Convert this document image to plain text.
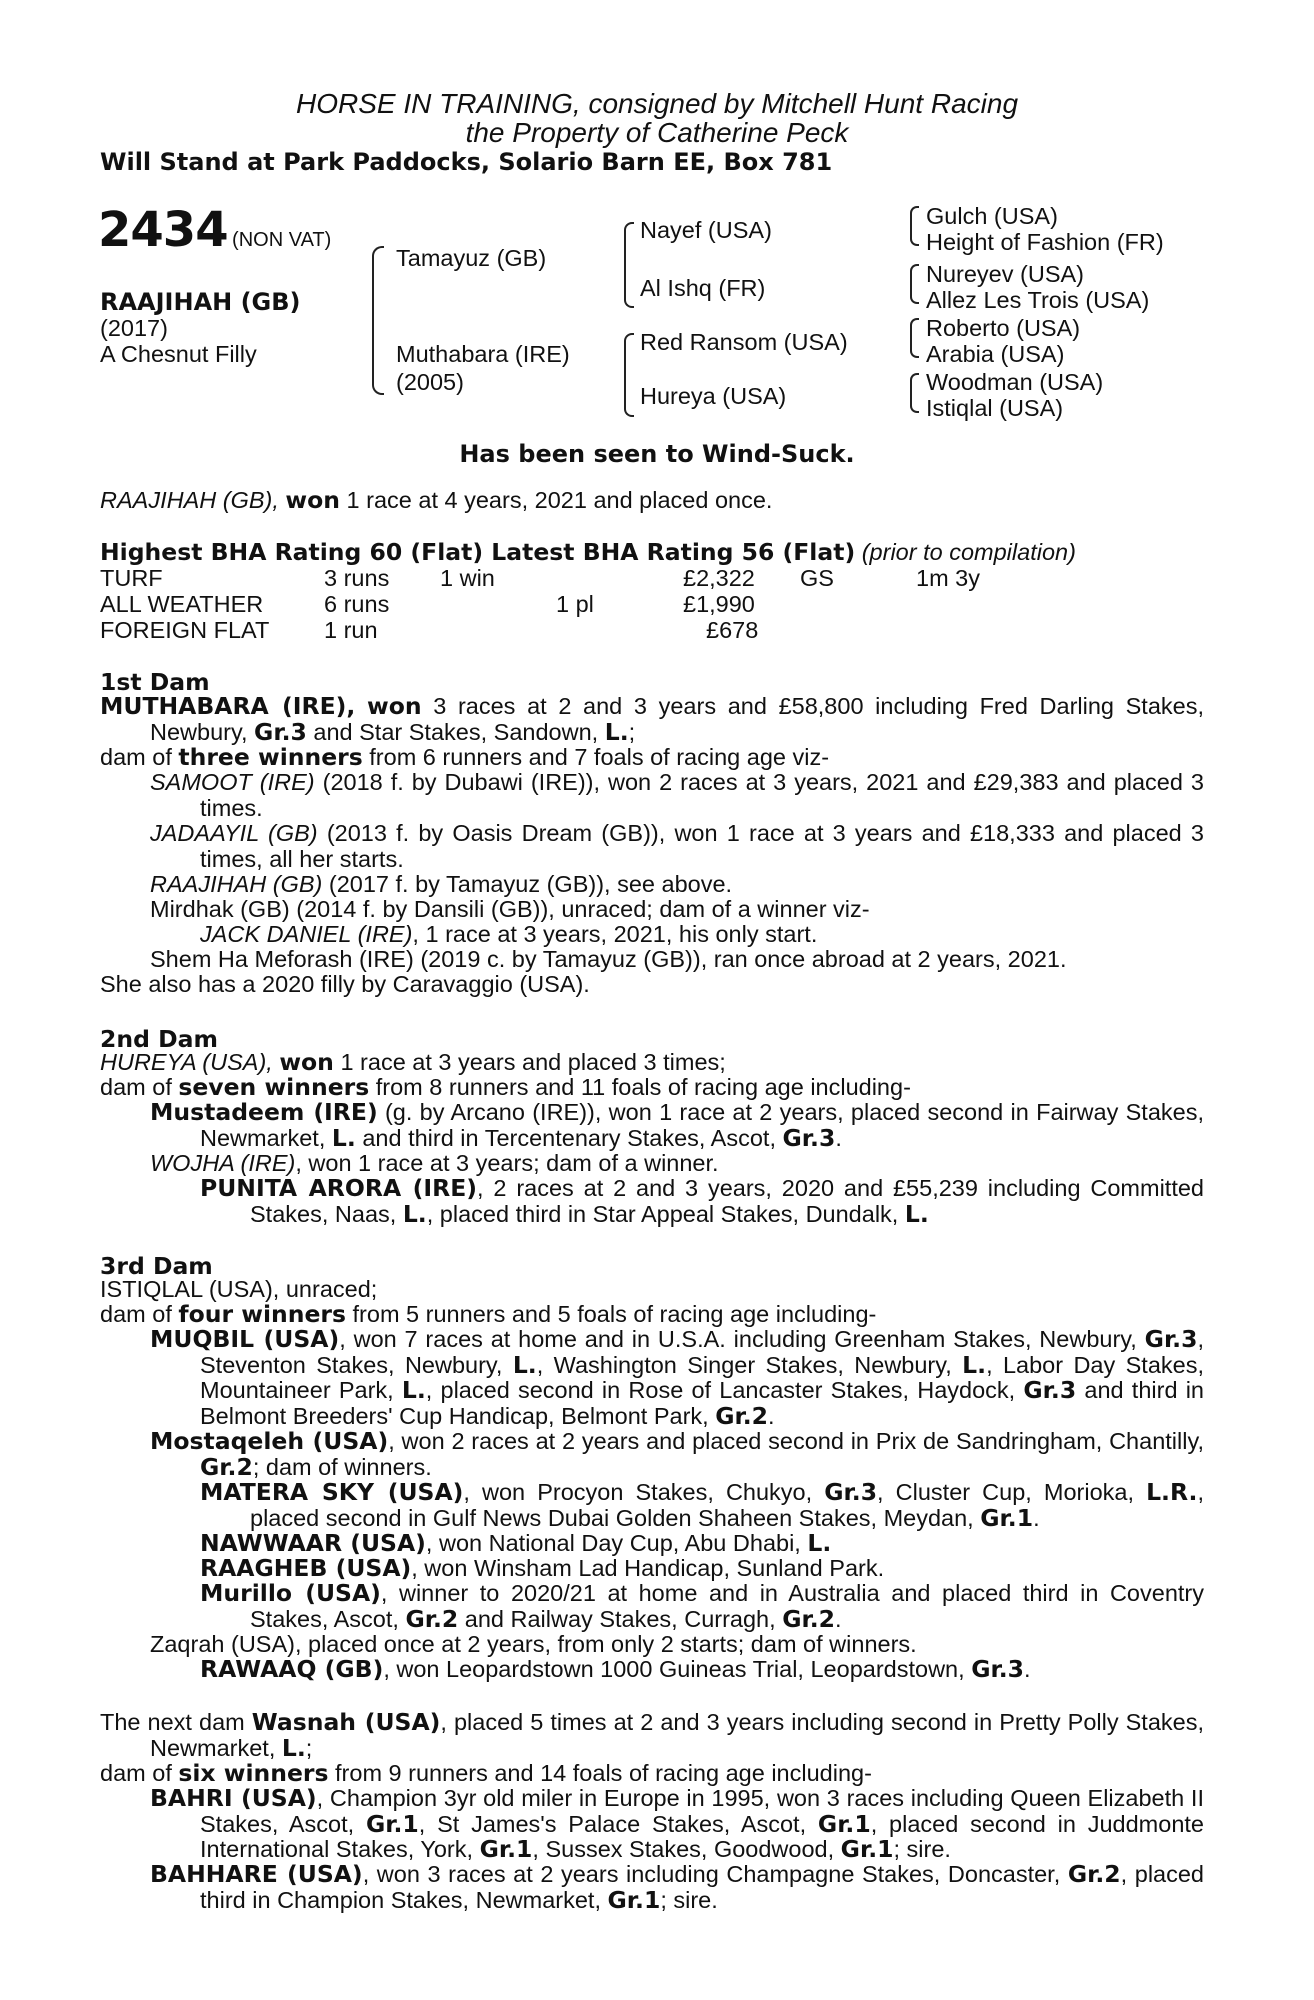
HORSE IN TRAINING, consigned by Mitchell Hunt Racing
the Property of Catherine Peck
Will Stand at Park Paddocks, Solario Barn EE, Box 781
2434 (NON VAT)
RAAJIHAH (GB)
(2017)
A Chesnut Filly
Tamayuz (GB)
Muthabara (IRE)
(2005)
Nayef (USA)
Al Ishq (FR)
Red Ransom (USA)
Hureya (USA)
Gulch (USA)
Height of Fashion (FR)
Nureyev (USA)
Allez Les Trois (USA)
Roberto (USA)
Arabia (USA)
Woodman (USA)
Istiqlal (USA)
Has been seen to Wind-Suck.
RAAJIHAH (GB), won 1 race at 4 years, 2021 and placed once.
Highest BHA Rating 60 (Flat) Latest BHA Rating 56 (Flat) (prior to compilation)
TURF	3 runs 1 win	£2,322 GS	1m 3y
ALL WEATHER	6 runs	1 pl	£1,990
FOREIGN FLAT 1 run	£678
1st Dam
MUTHABARA (IRE), won 3 races at 2 and 3 years and £58,800 including Fred Darling Stakes, Newbury, Gr.3 and Star Stakes, Sandown, L.;
dam of three winners from 6 runners and 7 foals of racing age viz-
SAMOOT (IRE) (2018 f. by Dubawi (IRE)), won 2 races at 3 years, 2021 and £29,383 and placed 3 times.
JADAAYIL (GB) (2013 f. by Oasis Dream (GB)), won 1 race at 3 years and £18,333 and placed 3 times, all her starts.
RAAJIHAH (GB) (2017 f. by Tamayuz (GB)), see above.
Mirdhak (GB) (2014 f. by Dansili (GB)), unraced; dam of a winner viz-
JACK DANIEL (IRE), 1 race at 3 years, 2021, his only start.
Shem Ha Meforash (IRE) (2019 c. by Tamayuz (GB)), ran once abroad at 2 years, 2021.
She also has a 2020 filly by Caravaggio (USA).
2nd Dam
HUREYA (USA), won 1 race at 3 years and placed 3 times;
dam of seven winners from 8 runners and 11 foals of racing age including-
Mustadeem (IRE) (g. by Arcano (IRE)), won 1 race at 2 years, placed second in Fairway Stakes, Newmarket, L. and third in Tercentenary Stakes, Ascot, Gr.3.
WOJHA (IRE), won 1 race at 3 years; dam of a winner.
PUNITA ARORA (IRE), 2 races at 2 and 3 years, 2020 and £55,239 including Committed Stakes, Naas, L., placed third in Star Appeal Stakes, Dundalk, L.
3rd Dam
ISTIQLAL (USA), unraced;
dam of four winners from 5 runners and 5 foals of racing age including-
MUQBIL (USA), won 7 races at home and in U.S.A. including Greenham Stakes, Newbury, Gr.3, Steventon Stakes, Newbury, L., Washington Singer Stakes, Newbury, L., Labor Day Stakes, Mountaineer Park, L., placed second in Rose of Lancaster Stakes, Haydock, Gr.3 and third in Belmont Breeders' Cup Handicap, Belmont Park, Gr.2.
Mostaqeleh (USA), won 2 races at 2 years and placed second in Prix de Sandringham, Chantilly, Gr.2; dam of winners.
MATERA SKY (USA), won Procyon Stakes, Chukyo, Gr.3, Cluster Cup, Morioka, L.R., placed second in Gulf News Dubai Golden Shaheen Stakes, Meydan, Gr.1.
NAWWAAR (USA), won National Day Cup, Abu Dhabi, L.
RAAGHEB (USA), won Winsham Lad Handicap, Sunland Park.
Murillo (USA), winner to 2020/21 at home and in Australia and placed third in Coventry Stakes, Ascot, Gr.2 and Railway Stakes, Curragh, Gr.2.
Zaqrah (USA), placed once at 2 years, from only 2 starts; dam of winners.
RAWAAQ (GB), won Leopardstown 1000 Guineas Trial, Leopardstown, Gr.3.
The next dam Wasnah (USA), placed 5 times at 2 and 3 years including second in Pretty Polly Stakes, Newmarket, L.;
dam of six winners from 9 runners and 14 foals of racing age including-
BAHRI (USA), Champion 3yr old miler in Europe in 1995, won 3 races including Queen Elizabeth II Stakes, Ascot, Gr.1, St James's Palace Stakes, Ascot, Gr.1, placed second in Juddmonte International Stakes, York, Gr.1, Sussex Stakes, Goodwood, Gr.1; sire.
BAHHARE (USA), won 3 races at 2 years including Champagne Stakes, Doncaster, Gr.2, placed third in Champion Stakes, Newmarket, Gr.1; sire.
